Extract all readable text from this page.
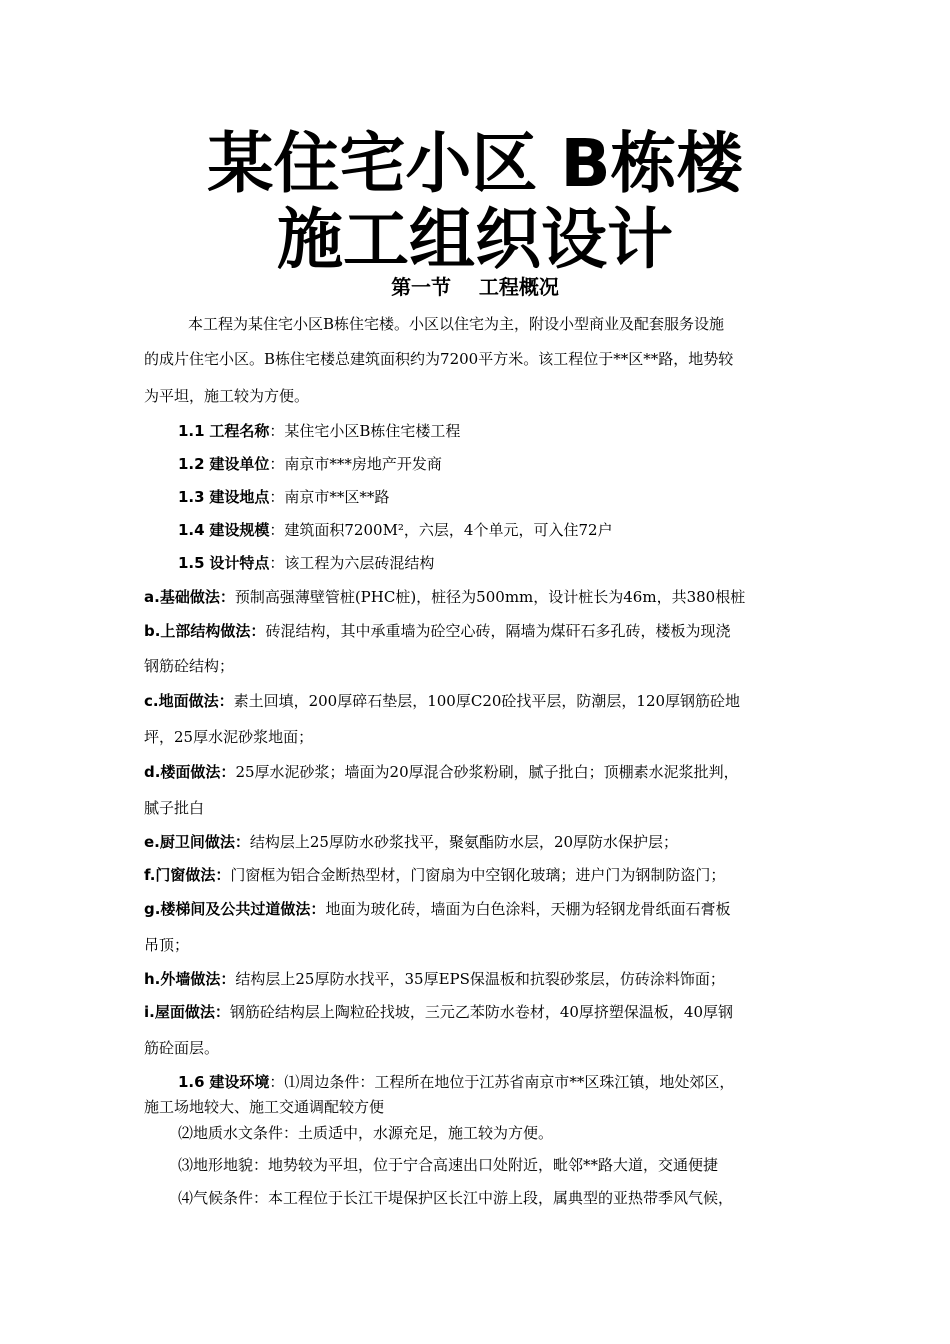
某住宅小区 B栋楼
施工组织设计
第一节    工程概况
本工程为某住宅小区B栋住宅楼。小区以住宅为主，附设小型商业及配套服务设施
的成片住宅小区。B栋住宅楼总建筑面积约为7200平方米。该工程位于**区**路，地势较
为平坦，施工较为方便。
1.1 工程名称：某住宅小区B栋住宅楼工程
1.2 建设单位：南京市***房地产开发商
1.3 建设地点：南京市**区**路
1.4 建设规模：建筑面积7200M²，六层，4个单元，可入住72户
1.5 设计特点：该工程为六层砖混结构
a.基础做法：预制高强薄壁管桩(PHC桩)，桩径为500mm，设计桩长为46m，共380根桩
b.上部结构做法：砖混结构，其中承重墙为砼空心砖，隔墙为煤矸石多孔砖，楼板为现浇
钢筋砼结构；
c.地面做法：素土回填，200厚碎石垫层，100厚C20砼找平层，防潮层，120厚钢筋砼地
坪，25厚水泥砂浆地面；
d.楼面做法：25厚水泥砂浆；墙面为20厚混合砂浆粉刷，腻子批白；顶棚素水泥浆批判，
腻子批白
e.厨卫间做法：结构层上25厚防水砂浆找平，聚氨酯防水层，20厚防水保护层；
f.门窗做法：门窗框为铝合金断热型材，门窗扇为中空钢化玻璃；进户门为钢制防盗门；
g.楼梯间及公共过道做法：地面为玻化砖，墙面为白色涂料，天棚为轻钢龙骨纸面石膏板
吊顶；
h.外墙做法：结构层上25厚防水找平，35厚EPS保温板和抗裂砂浆层，仿砖涂料饰面；
i.屋面做法：钢筋砼结构层上陶粒砼找坡，三元乙苯防水卷材，40厚挤塑保温板，40厚钢
筋砼面层。
1.6 建设环境：⑴周边条件：工程所在地位于江苏省南京市**区珠江镇，地处郊区，
施工场地较大、施工交通调配较方便
⑵地质水文条件：土质适中，水源充足，施工较为方便。
⑶地形地貌：地势较为平坦，位于宁合高速出口处附近，毗邻**路大道，交通便捷
⑷气候条件：本工程位于长江干堤保护区长江中游上段，属典型的亚热带季风气候，
